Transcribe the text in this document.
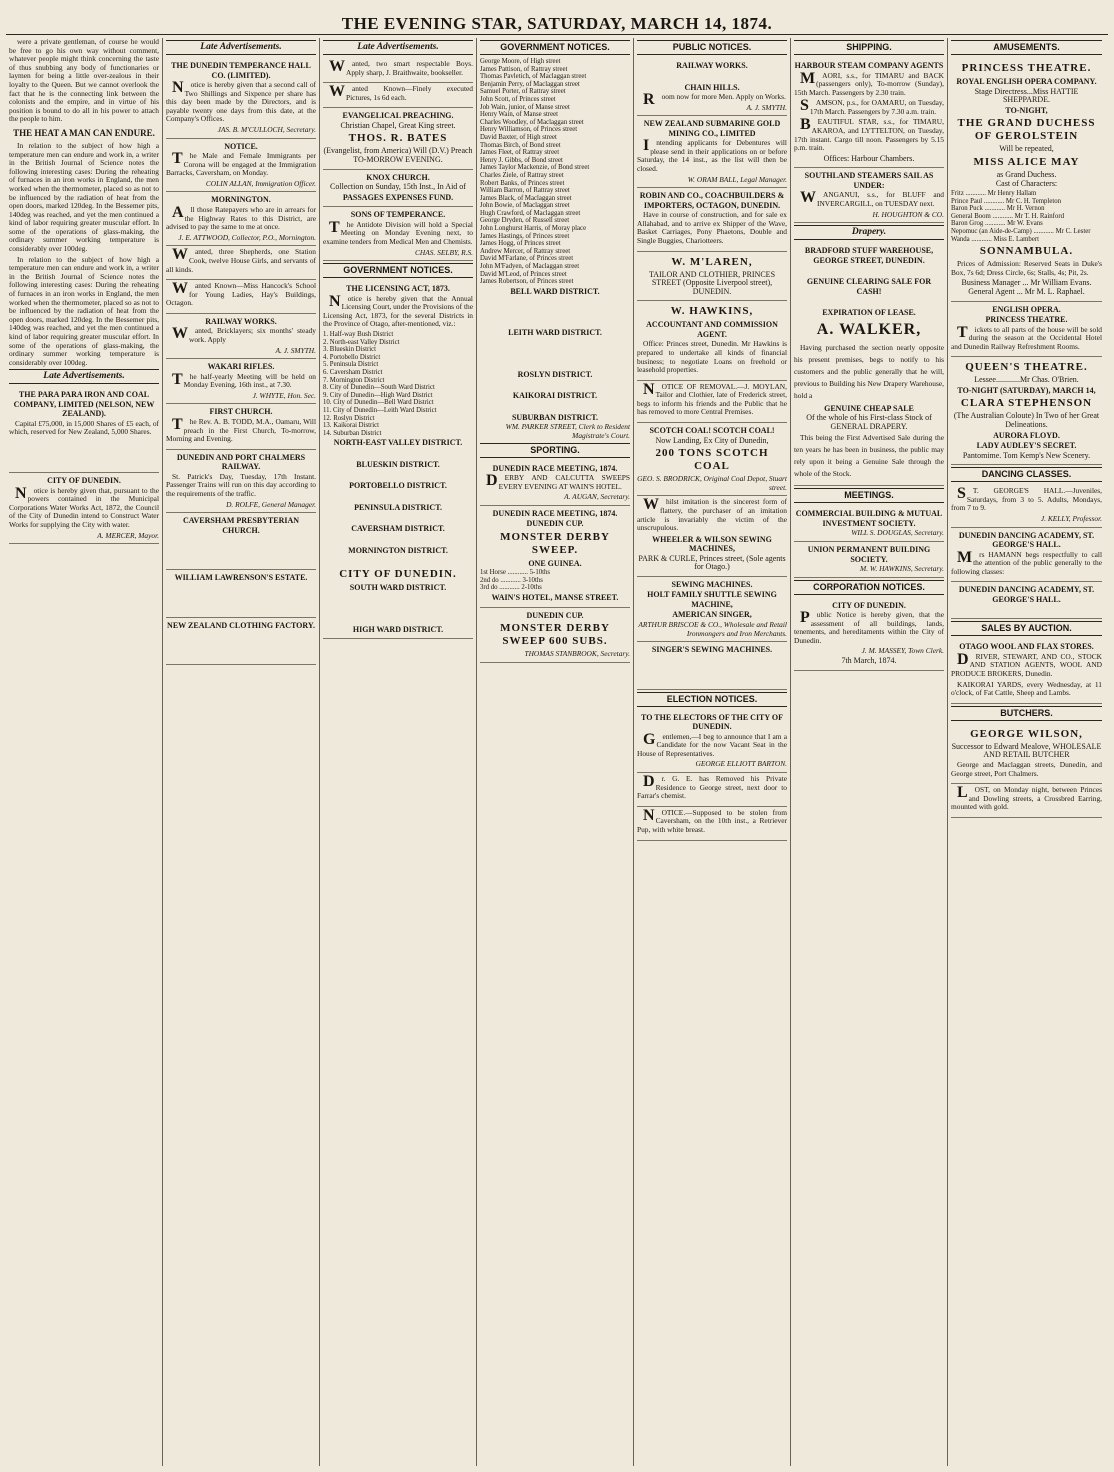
THE EVENING STAR, SATURDAY, MARCH 14, 1874.

were a private gentleman, of course he would be free to go his own way without comment, whatever people might think concerning the taste of thus snubbing any body of functionaries or laymen for being a little over-zealous in their loyalty to the Queen. But we cannot overlook the fact that he is the connecting link between the colonists and the empire, and in virtue of his position is bound to do all in his power to attach the people to him.

THE HEAT A MAN CAN ENDURE.

In relation to the subject of how high a temperature men can endure and work in, a writer in the British Journal of Science notes the following interesting cases: During the reheating of furnaces in an iron works in England, the men worked when the thermometer, placed so as not to be influenced by the radiation of heat from the open doors, marked 120deg. In the Bessemer pits, 140deg was reached, and yet the men continued a kind of labor requiring greater muscular effort. In some of the operations of glass-making, the ordinary summer working temperature is considerably over 100deg.

In relation to the subject of how high a temperature men can endure and work in, a writer in the British Journal of Science notes the following interesting cases: During the reheating of furnaces in an iron works in England, the men worked when the thermometer, placed so as not to be influenced by the radiation of heat from the open doors, marked 120deg. In the Bessemer pits, 140deg was reached, and yet the men continued a kind of labor requiring greater muscular effort. In some of the operations of glass-making, the ordinary summer working temperature is considerably over 100deg.

Late Advertisements.
THE PARA PARA IRON AND COAL COMPANY, LIMITED (NELSON, NEW ZEALAND).

Capital £75,000, in 15,000 Shares of £5 each, of which, reserved for New Zealand, 5,000 Shares.

CITY OF DUNEDIN.

Notice is hereby given that, pursuant to the powers contained in the Municipal Corporations Water Works Act, 1872, the Council of the City of Dunedin intend to Construct Water Works for supplying the City with water.

A. MERCER, Mayor.
Late Advertisements.
THE DUNEDIN TEMPERANCE HALL CO. (LIMITED).

Notice is hereby given that a second call of Two Shillings and Sixpence per share has this day been made by the Directors, and is payable twenty one days from this date, at the Company's Offices.

JAS. B. M'CULLOCH, Secretary.
NOTICE.

The Male and Female Immigrants per Corona will be engaged at the Immigration Barracks, Caversham, on Monday.

COLIN ALLAN, Immigration Officer.
MORNINGTON.

All those Ratepayers who are in arrears for the Highway Rates to this District, are advised to pay the same to me at once.

J. E. ATTWOOD, Collector, P.O., Mornington.

Wanted, three Shepherds, one Station Cook, twelve House Girls, and servants of all kinds.

Wanted Known—Miss Hancock's School for Young Ladies, Hay's Buildings, Octagon.

RAILWAY WORKS.

Wanted, Bricklayers; six months' steady work. Apply

A. J. SMYTH.
WAKARI RIFLES.

The half-yearly Meeting will be held on Monday Evening, 16th inst., at 7.30.

J. WHYTE, Hon. Sec.
FIRST CHURCH.

The Rev. A. B. TODD, M.A., Oamaru, Will preach in the First Church, To-morrow, Morning and Evening.

DUNEDIN AND PORT CHALMERS RAILWAY.

St. Patrick's Day, Tuesday, 17th Instant. Passenger Trains will run on this day according to the requirements of the traffic.

D. ROLFE, General Manager.
CAVERSHAM PRESBYTERIAN CHURCH.
WILLIAM LAWRENSON'S ESTATE.
NEW ZEALAND CLOTHING FACTORY.
Late Advertisements.

Wanted, two smart respectable Boys. Apply sharp, J. Braithwaite, bookseller.

Wanted Known—Finely executed Pictures, 1s 6d each.

EVANGELICAL PREACHING.
Christian Chapel, Great King street.
THOS. R. BATES
(Evangelist, from America) Will (D.V.) Preach TO-MORROW EVENING.
KNOX CHURCH.
Collection on Sunday, 15th Inst., In Aid of
PASSAGES EXPENSES FUND.
SONS OF TEMPERANCE.

The Antidote Division will hold a Special Meeting on Monday Evening next, to examine tenders from Medical Men and Chemists.

CHAS. SELBY, R.S.
GOVERNMENT NOTICES.
THE LICENSING ACT, 1873.

Notice is hereby given that the Annual Licensing Court, under the Provisions of the Licensing Act, 1873, for the several Districts in the Province of Otago, after-mentioned, viz.:

1. Half-way Bush District
2. North-east Valley District
3. Blueskin District
4. Portobello District
5. Peninsula District
6. Caversham District
7. Mornington District
8. City of Dunedin—South Ward District
9. City of Dunedin—High Ward District
10. City of Dunedin—Bell Ward District
11. City of Dunedin—Leith Ward District
12. Roslyn District
13. Kaikorai District
14. Suburban District
NORTH-EAST VALLEY DISTRICT.
BLUESKIN DISTRICT.
PORTOBELLO DISTRICT.
PENINSULA DISTRICT.
CAVERSHAM DISTRICT.
MORNINGTON DISTRICT.
CITY OF DUNEDIN.
SOUTH WARD DISTRICT.
HIGH WARD DISTRICT.
GOVERNMENT NOTICES.
George Moore, of High street
James Pattison, of Rattray street
Thomas Pavletich, of Maclaggan street
Benjamin Perry, of Maclaggan street
Samuel Porter, of Rattray street
John Scott, of Princes street
Job Wain, junior, of Manse street
Henry Wain, of Manse street
Charles Woodley, of Maclaggan street
Henry Williamson, of Princes street
David Baxter, of High street
Thomas Birch, of Bond street
James Fleet, of Rattray street
Henry J. Gibbs, of Bond street
James Taylor Mackenzie, of Bond street
Charles Ziele, of Rattray street
Robert Banks, of Princes street
William Barron, of Rattray street
James Black, of Maclaggan street
John Bowie, of Maclaggan street
Hugh Crawford, of Maclaggan street
George Dryden, of Russell street
John Longhurst Harris, of Moray place
James Hastings, of Princes street
James Hogg, of Princes street
Andrew Mercer, of Rattray street
David M'Farlane, of Princes street
John M'Fadyen, of Maclaggan street
David M'Leod, of Princes street
James Robertson, of Princes street
BELL WARD DISTRICT.
LEITH WARD DISTRICT.
ROSLYN DISTRICT.
KAIKORAI DISTRICT.
SUBURBAN DISTRICT.
WM. PARKER STREET, Clerk to Resident Magistrate's Court.
SPORTING.
DUNEDIN RACE MEETING, 1874.

DERBY AND CALCUTTA SWEEPS EVERY EVENING AT WAIN'S HOTEL.

A. AUGAN, Secretary.
DUNEDIN RACE MEETING, 1874.
DUNEDIN CUP.
MONSTER DERBY SWEEP.
ONE GUINEA.
1st Horse ............ 5-10ths
2nd do ............ 3-10ths
3rd do ............ 2-10ths
WAIN'S HOTEL, MANSE STREET.
DUNEDIN CUP.
MONSTER DERBY SWEEP 600 SUBS.
THOMAS STANBROOK, Secretary.
PUBLIC NOTICES.
RAILWAY WORKS.
CHAIN HILLS.

Room now for more Men. Apply on Works.

A. J. SMYTH.
NEW ZEALAND SUBMARINE GOLD MINING CO., LIMITED

Intending applicants for Debentures will please send in their applications on or before Saturday, the 14 inst., as the list will then be closed.

W. ORAM BALL, Legal Manager.
ROBIN AND CO., COACHBUILDERS & IMPORTERS, OCTAGON, DUNEDIN.

Have in course of construction, and for sale ex Allahabad, and to arrive ex Shipper of the Wave, Basket Carriages, Pony Phaetons, Double and Single Buggies, Chariotteers.

W. M'LAREN,
TAILOR AND CLOTHIER, PRINCES STREET (Opposite Liverpool street), DUNEDIN.
W. HAWKINS,
ACCOUNTANT AND COMMISSION AGENT.

Office: Princes street, Dunedin. Mr Hawkins is prepared to undertake all kinds of financial business; to negotiate Loans on freehold or leasehold properties.

NOTICE OF REMOVAL.—J. MOYLAN, Tailor and Clothier, late of Frederick street, begs to inform his friends and the Public that he has removed to more Central Premises.

SCOTCH COAL! SCOTCH COAL!
Now Landing, Ex City of Dunedin,
200 TONS SCOTCH COAL
GEO. S. BRODRICK, Original Coal Depot, Stuart street.

Whilst imitation is the sincerest form of flattery, the purchaser of an imitation article is invariably the victim of the unscrupulous.

WHEELER & WILSON SEWING MACHINES,
PARK & CURLE, Princes street, (Sole agents for Otago.)
SEWING MACHINES.
HOLT FAMILY SHUTTLE SEWING MACHINE,
AMERICAN SINGER,
ARTHUR BRISCOE & CO., Wholesale and Retail Ironmongers and Iron Merchants.
SINGER'S SEWING MACHINES.
ELECTION NOTICES.
TO THE ELECTORS OF THE CITY OF DUNEDIN.

Gentlemen,—I beg to announce that I am a Candidate for the now Vacant Seat in the House of Representatives.

GEORGE ELLIOTT BARTON.

Dr. G. E. has Removed his Private Residence to George street, next door to Farrar's chemist.

NOTICE.—Supposed to be stolen from Caversham, on the 10th inst., a Retriever Pup, with white breast.

SHIPPING.
HARBOUR STEAM COMPANY AGENTS

MAORI, s.s., for TIMARU and BACK (passengers only), To-morrow (Sunday), 15th March. Passengers by 2.30 train.

SAMSON, p.s., for OAMARU, on Tuesday, 17th March. Passengers by 7.30 a.m. train.

BEAUTIFUL STAR, s.s., for TIMARU, AKAROA, and LYTTELTON, on Tuesday, 17th instant. Cargo till noon. Passengers by 5.15 p.m. train.

Offices: Harbour Chambers.
SOUTHLAND STEAMERS SAIL AS UNDER:

WANGANUI, s.s., for BLUFF and INVERCARGILL, on TUESDAY next.

H. HOUGHTON & CO.
Drapery.
BRADFORD STUFF WAREHOUSE, GEORGE STREET, DUNEDIN.
GENUINE CLEARING SALE FOR CASH!
EXPIRATION OF LEASE.
A. WALKER,

Having purchased the section nearly opposite his present premises, begs to notify to his customers and the public generally that he will, previous to Building his New Drapery Warehouse, hold a

GENUINE CHEAP SALE
Of the whole of his First-class Stock of GENERAL DRAPERY.

This being the First Advertised Sale during the ten years he has been in business, the public may rely upon it being a Genuine Sale through the whole of the Stock.

MEETINGS.
COMMERCIAL BUILDING & MUTUAL INVESTMENT SOCIETY.
WILL S. DOUGLAS, Secretary.
UNION PERMANENT BUILDING SOCIETY.
M. W. HAWKINS, Secretary.
CORPORATION NOTICES.
CITY OF DUNEDIN.

Public Notice is hereby given, that the assessment of all buildings, lands, tenements, and hereditaments within the City of Dunedin.

J. M. MASSEY, Town Clerk.
7th March, 1874.
AMUSEMENTS.
PRINCESS THEATRE.
ROYAL ENGLISH OPERA COMPANY.
Stage Directress...Miss HATTIE SHEPPARDE.
TO-NIGHT,
THE GRAND DUCHESS OF GEROLSTEIN
Will be repeated,
MISS ALICE MAY
as Grand Duchess.
Cast of Characters:
Fritz ............ Mr Henry Hallam
Prince Paul ............ Mr C. H. Templeton
Baron Puck ............ Mr H. Vernon
General Boom ............ Mr T. H. Rainford
Baron Grog ............ Mr W. Evans
Nepomuc (an Aide-de-Camp) ............ Mr C. Lester
Wanda ............ Miss E. Lambert
SONNAMBULA.

Prices of Admission: Reserved Seats in Duke's Box, 7s 6d; Dress Circle, 6s; Stalls, 4s; Pit, 2s.

Business Manager ... Mr William Evans. General Agent ... Mr M. L. Raphael.
ENGLISH OPERA.
PRINCESS THEATRE.

Tickets to all parts of the house will be sold during the season at the Occidental Hotel and Dunedin Railway Refreshment Rooms.

QUEEN'S THEATRE.
Lessee............Mr Chas. O'Brien.
TO-NIGHT (SATURDAY), MARCH 14,
CLARA STEPHENSON
(The Australian Coloute) In Two of her Great Delineations.
AURORA FLOYD.
LADY AUDLEY'S SECRET.
Pantomime. Tom Kemp's New Scenery.
DANCING CLASSES.

ST. GEORGE'S HALL.—Juveniles, Saturdays, from 3 to 5. Adults, Mondays, from 7 to 9.

J. KELLY, Professor.
DUNEDIN DANCING ACADEMY, ST. GEORGE'S HALL.

Mrs HAMANN begs respectfully to call the attention of the public generally to the following classes:

DUNEDIN DANCING ACADEMY, ST. GEORGE'S HALL.
SALES BY AUCTION.
OTAGO WOOL AND FLAX STORES.

DRIVER, STEWART, AND CO., STOCK AND STATION AGENTS, WOOL AND PRODUCE BROKERS, Dunedin.

KAIKORAI YARDS, every Wednesday, at 11 o'clock, of Fat Cattle, Sheep and Lambs.

BUTCHERS.
GEORGE WILSON,
Successor to Edward Mealove, WHOLESALE AND RETAIL BUTCHER

George and Maclaggan streets, Dunedin, and George street, Port Chalmers.

LOST, on Monday night, between Princes and Dowling streets, a Crossbred Earring, mounted with gold.
